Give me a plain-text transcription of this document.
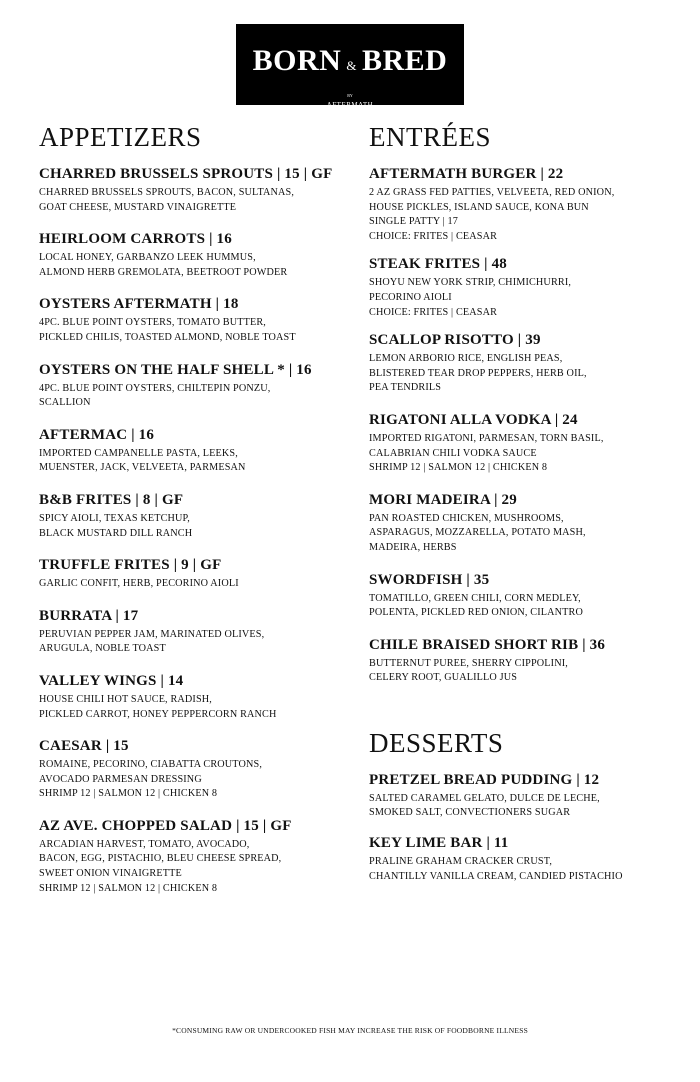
BORN & BRED
BY
AFTERMATH
APPETIZERS
CHARRED BRUSSELS SPROUTS | 15 | GF
CHARRED BRUSSELS SPROUTS, BACON, SULTANAS,
GOAT CHEESE, MUSTARD VINAIGRETTE
HEIRLOOM CARROTS | 16
LOCAL HONEY, GARBANZO LEEK HUMMUS,
ALMOND HERB GREMOLATA, BEETROOT POWDER
OYSTERS AFTERMATH | 18
4PC. BLUE POINT OYSTERS, TOMATO BUTTER,
PICKLED CHILIS, TOASTED ALMOND, NOBLE TOAST
OYSTERS ON THE HALF SHELL * | 16
4PC. BLUE POINT OYSTERS, CHILTEPIN PONZU,
SCALLION
AFTERMAC | 16
IMPORTED CAMPANELLE PASTA, LEEKS,
MUENSTER, JACK, VELVEETA, PARMESAN
B&B FRITES | 8 | GF
SPICY AIOLI, TEXAS KETCHUP,
BLACK MUSTARD DILL RANCH
TRUFFLE FRITES | 9 | GF
GARLIC CONFIT, HERB, PECORINO AIOLI
BURRATA | 17
PERUVIAN PEPPER JAM, MARINATED OLIVES,
ARUGULA, NOBLE TOAST
VALLEY WINGS | 14
HOUSE CHILI HOT SAUCE, RADISH,
PICKLED CARROT, HONEY PEPPERCORN RANCH
CAESAR | 15
ROMAINE, PECORINO, CIABATTA CROUTONS,
AVOCADO PARMESAN DRESSING
SHRIMP 12 | SALMON 12 | CHICKEN 8
AZ AVE. CHOPPED SALAD | 15 | GF
ARCADIAN HARVEST, TOMATO, AVOCADO,
BACON, EGG, PISTACHIO, BLEU CHEESE SPREAD,
SWEET ONION VINAIGRETTE
SHRIMP 12 | SALMON 12 | CHICKEN 8
ENTRÉES
AFTERMATH BURGER | 22
2 AZ GRASS FED PATTIES, VELVEETA, RED ONION,
HOUSE PICKLES, ISLAND SAUCE, KONA BUN
SINGLE PATTY | 17
CHOICE: FRITES | CEASAR
STEAK FRITES | 48
SHOYU NEW YORK STRIP, CHIMICHURRI,
PECORINO AIOLI
CHOICE: FRITES | CEASAR
SCALLOP RISOTTO | 39
LEMON ARBORIO RICE, ENGLISH PEAS,
BLISTERED TEAR DROP PEPPERS, HERB OIL,
PEA TENDRILS
RIGATONI ALLA VODKA | 24
IMPORTED RIGATONI, PARMESAN, TORN BASIL,
CALABRIAN CHILI VODKA SAUCE
SHRIMP 12 | SALMON 12 | CHICKEN 8
MORI MADEIRA | 29
PAN ROASTED CHICKEN, MUSHROOMS,
ASPARAGUS, MOZZARELLA, POTATO MASH,
MADEIRA, HERBS
SWORDFISH | 35
TOMATILLO, GREEN CHILI, CORN MEDLEY,
POLENTA, PICKLED RED ONION, CILANTRO
CHILE BRAISED SHORT RIB | 36
BUTTERNUT PUREE, SHERRY CIPPOLINI,
CELERY ROOT, GUALILLO JUS
DESSERTS
PRETZEL BREAD PUDDING | 12
SALTED CARAMEL GELATO, DULCE DE LECHE,
SMOKED SALT, CONVECTIONERS SUGAR
KEY LIME BAR | 11
PRALINE GRAHAM CRACKER CRUST,
CHANTILLY VANILLA CREAM, CANDIED PISTACHIO
*CONSUMING RAW OR UNDERCOOKED FISH MAY INCREASE THE RISK OF FOODBORNE ILLNESS
